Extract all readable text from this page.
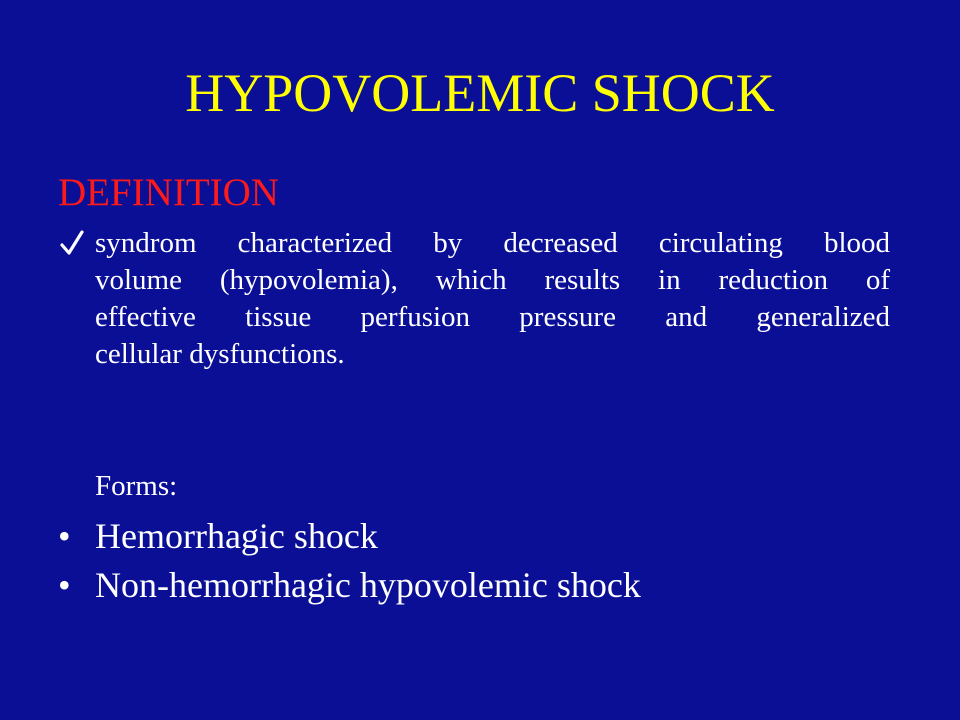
HYPOVOLEMIC SHOCK
DEFINITION
syndrom characterized by decreased circulating blood
volume (hypovolemia), which results in reduction of
effective tissue perfusion pressure and generalized
cellular dysfunctions.
Forms:
• Hemorrhagic shock
• Non-hemorrhagic hypovolemic shock
